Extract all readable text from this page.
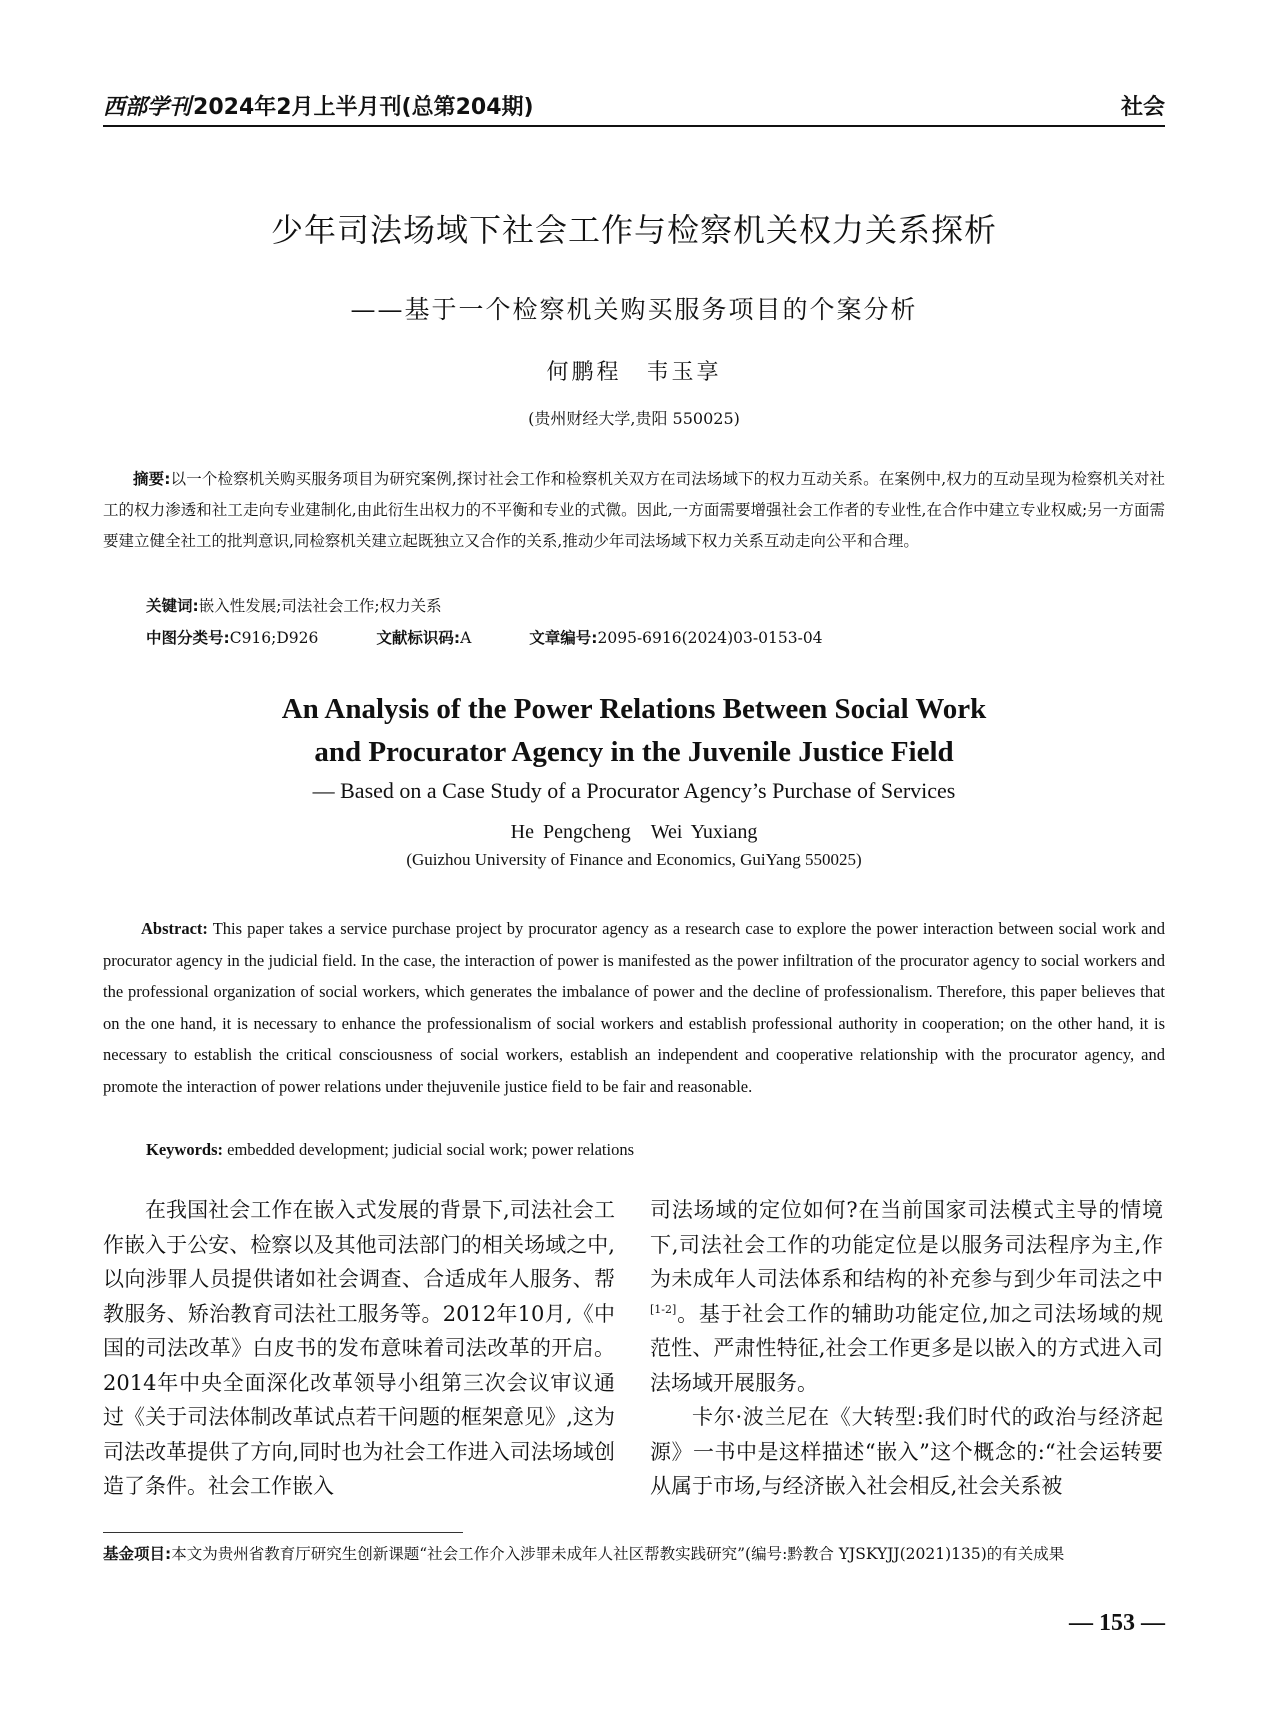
西部学刊2024年2月上半月刊(总第204期)	社会
少年司法场域下社会工作与检察机关权力关系探析
——基于一个检察机关购买服务项目的个案分析
何鹏程　韦玉享
(贵州财经大学,贵阳 550025)
摘要:以一个检察机关购买服务项目为研究案例,探讨社会工作和检察机关双方在司法场域下的权力互动关系。在案例中,权力的互动呈现为检察机关对社工的权力渗透和社工走向专业建制化,由此衍生出权力的不平衡和专业的式微。因此,一方面需要增强社会工作者的专业性,在合作中建立专业权威;另一方面需要建立健全社工的批判意识,同检察机关建立起既独立又合作的关系,推动少年司法场域下权力关系互动走向公平和合理。
关键词:嵌入性发展;司法社会工作;权力关系
中图分类号:C916;D926	文献标识码:A	文章编号:2095-6916(2024)03-0153-04
An Analysis of the Power Relations Between Social Work
and Procurator Agency in the Juvenile Justice Field
— Based on a Case Study of a Procurator Agency’s Purchase of Services
He Pengcheng　Wei Yuxiang
(Guizhou University of Finance and Economics, GuiYang 550025)
Abstract: This paper takes a service purchase project by procurator agency as a research case to explore the power interaction between social work and procurator agency in the judicial field. In the case, the interaction of power is manifested as the power infiltration of the procurator agency to social workers and the professional organization of social workers, which generates the imbalance of power and the decline of professionalism. Therefore, this paper believes that on the one hand, it is necessary to enhance the professionalism of social workers and establish professional authority in cooperation; on the other hand, it is necessary to establish the critical consciousness of social workers, establish an independent and cooperative relationship with the procurator agency, and promote the interaction of power relations under thejuvenile justice field to be fair and reasonable.
Keywords: embedded development; judicial social work; power relations

在我国社会工作在嵌入式发展的背景下,司法社会工作嵌入于公安、检察以及其他司法部门的相关场域之中,以向涉罪人员提供诸如社会调查、合适成年人服务、帮教服务、矫治教育司法社工服务等。2012年10月,《中国的司法改革》白皮书的发布意味着司法改革的开启。2014年中央全面深化改革领导小组第三次会议审议通过《关于司法体制改革试点若干问题的框架意见》,这为司法改革提供了方向,同时也为社会工作进入司法场域创造了条件。社会工作嵌入

司法场域的定位如何?在当前国家司法模式主导的情境下,司法社会工作的功能定位是以服务司法程序为主,作为未成年人司法体系和结构的补充参与到少年司法之中[1-2]。基于社会工作的辅助功能定位,加之司法场域的规范性、严肃性特征,社会工作更多是以嵌入的方式进入司法场域开展服务。

卡尔·波兰尼在《大转型:我们时代的政治与经济起源》一书中是这样描述“嵌入”这个概念的:“社会运转要从属于市场,与经济嵌入社会相反,社会关系被

基金项目:本文为贵州省教育厅研究生创新课题“社会工作介入涉罪未成年人社区帮教实践研究”(编号:黔教合 YJSKYJJ(2021)135)的有关成果
— 153 —
